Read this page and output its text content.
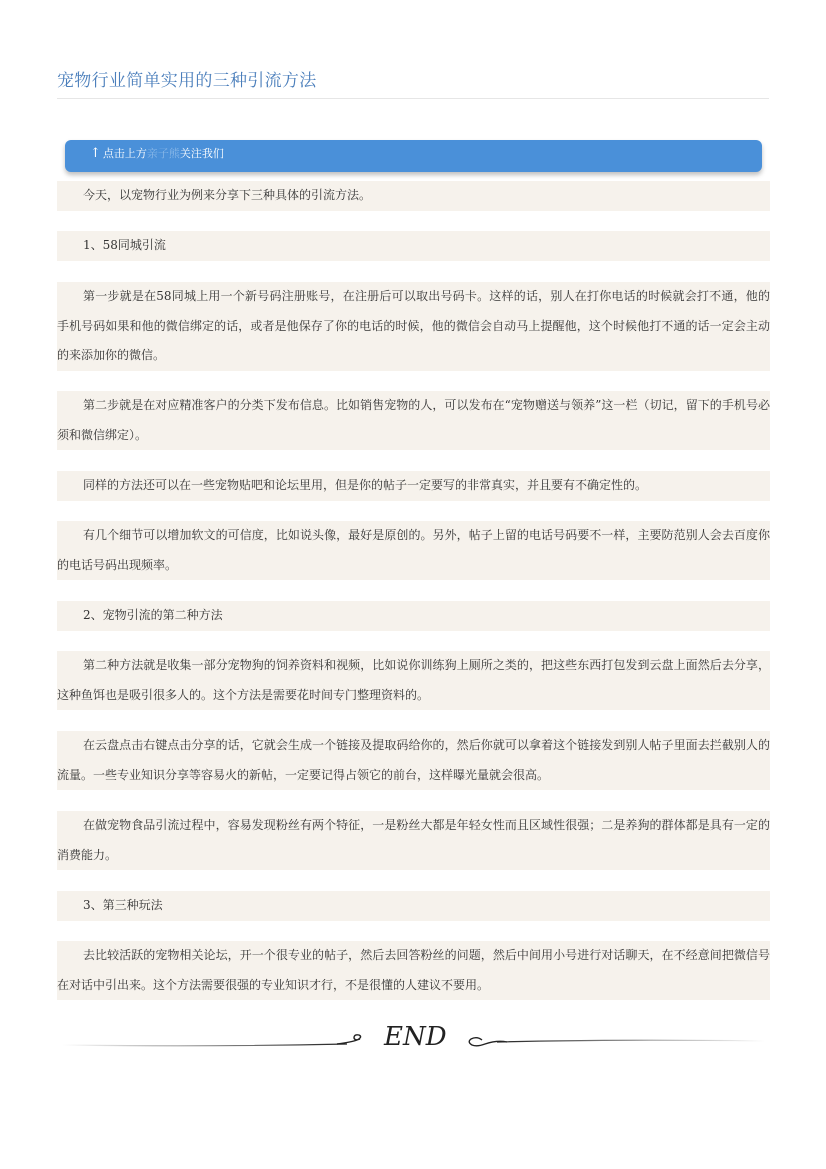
宠物行业简单实用的三种引流方法
↑ 点击上方亲子熊关注我们

今天，以宠物行业为例来分享下三种具体的引流方法。

1、58同城引流

第一步就是在58同城上用一个新号码注册账号，在注册后可以取出号码卡。这样的话，别人在打你电话的时候就会打不通，他的手机号码如果和他的微信绑定的话，或者是他保存了你的电话的时候，他的微信会自动马上提醒他，这个时候他打不通的话一定会主动的来添加你的微信。

第二步就是在对应精准客户的分类下发布信息。比如销售宠物的人，可以发布在“宠物赠送与领养”这一栏（切记，留下的手机号必须和微信绑定）。

同样的方法还可以在一些宠物贴吧和论坛里用，但是你的帖子一定要写的非常真实，并且要有不确定性的。

有几个细节可以增加软文的可信度，比如说头像，最好是原创的。另外，帖子上留的电话号码要不一样，主要防范别人会去百度你的电话号码出现频率。

2、宠物引流的第二种方法

第二种方法就是收集一部分宠物狗的饲养资料和视频，比如说你训练狗上厕所之类的，把这些东西打包发到云盘上面然后去分享，这种鱼饵也是吸引很多人的。这个方法是需要花时间专门整理资料的。

在云盘点击右键点击分享的话，它就会生成一个链接及提取码给你的，然后你就可以拿着这个链接发到别人帖子里面去拦截别人的流量。一些专业知识分享等容易火的新帖，一定要记得占领它的前台，这样曝光量就会很高。

在做宠物食品引流过程中，容易发现粉丝有两个特征，一是粉丝大都是年轻女性而且区域性很强；二是养狗的群体都是具有一定的消费能力。

3、第三种玩法

去比较活跃的宠物相关论坛，开一个很专业的帖子，然后去回答粉丝的问题，然后中间用小号进行对话聊天，在不经意间把微信号在对话中引出来。这个方法需要很强的专业知识才行，不是很懂的人建议不要用。

END
